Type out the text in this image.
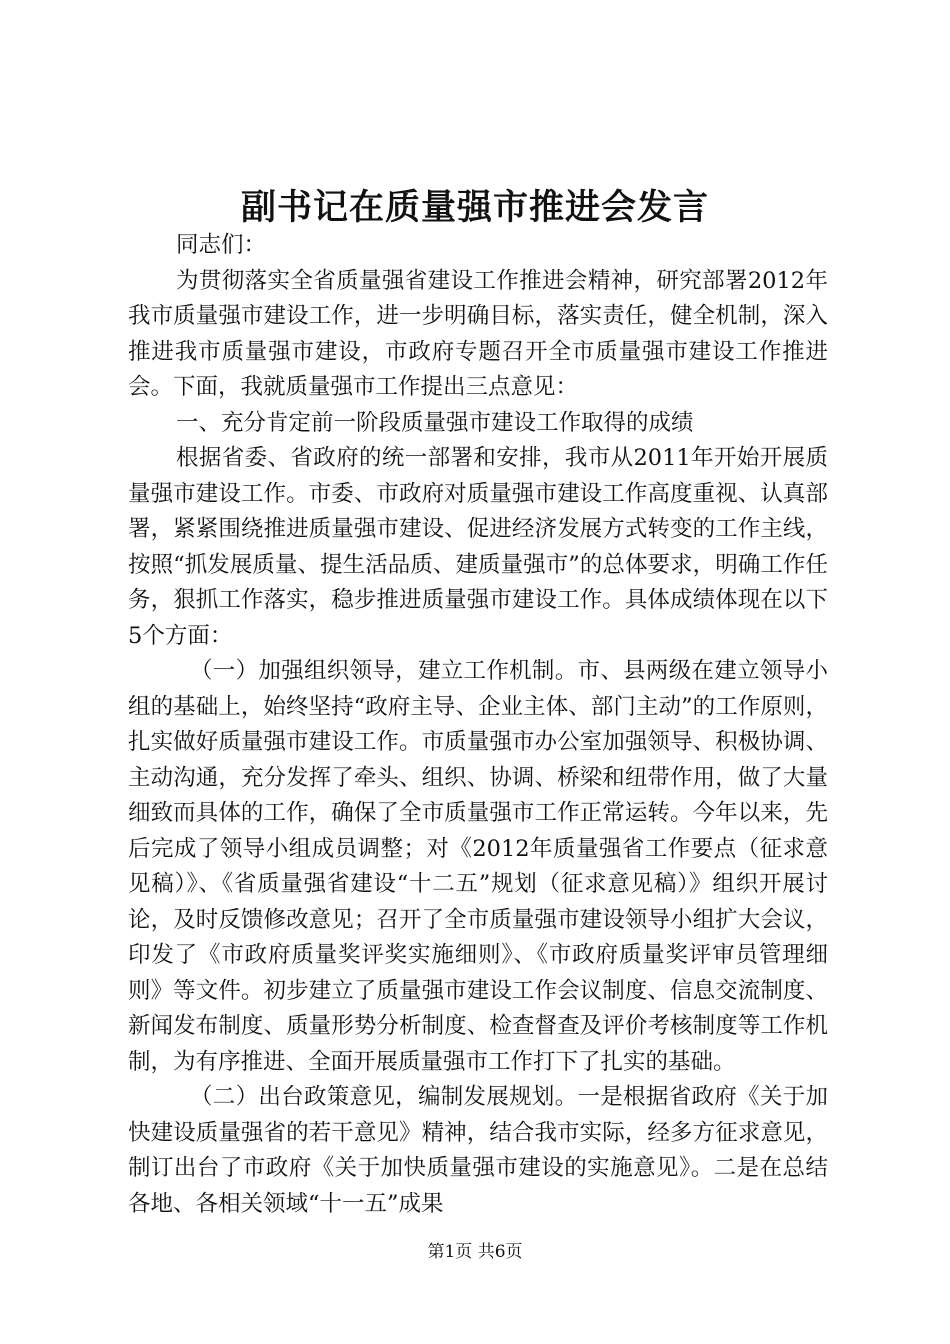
副书记在质量强市推进会发言

同志们：

为贯彻落实全省质量强省建设工作推进会精神，研究部署2012年我市质量强市建设工作，进一步明确目标，落实责任，健全机制，深入推进我市质量强市建设，市政府专题召开全市质量强市建设工作推进会。下面，我就质量强市工作提出三点意见：

一、充分肯定前一阶段质量强市建设工作取得的成绩

根据省委、省政府的统一部署和安排，我市从2011年开始开展质量强市建设工作。市委、市政府对质量强市建设工作高度重视、认真部署，紧紧围绕推进质量强市建设、促进经济发展方式转变的工作主线，按照“抓发展质量、提生活品质、建质量强市”的总体要求，明确工作任务，狠抓工作落实，稳步推进质量强市建设工作。具体成绩体现在以下5个方面：

（一）加强组织领导，建立工作机制。市、县两级在建立领导小组的基础上，始终坚持“政府主导、企业主体、部门主动”的工作原则，扎实做好质量强市建设工作。市质量强市办公室加强领导、积极协调、主动沟通，充分发挥了牵头、组织、协调、桥梁和纽带作用，做了大量细致而具体的工作，确保了全市质量强市工作正常运转。今年以来，先后完成了领导小组成员调整；对《2012年质量强省工作要点（征求意见稿）》、《省质量强省建设“十二五”规划（征求意见稿）》组织开展讨论，及时反馈修改意见；召开了全市质量强市建设领导小组扩大会议，印发了《市政府质量奖评奖实施细则》、《市政府质量奖评审员管理细则》等文件。初步建立了质量强市建设工作会议制度、信息交流制度、新闻发布制度、质量形势分析制度、检查督查及评价考核制度等工作机制，为有序推进、全面开展质量强市工作打下了扎实的基础。

（二）出台政策意见，编制发展规划。一是根据省政府《关于加快建设质量强省的若干意见》精神，结合我市实际，经多方征求意见，制订出台了市政府《关于加快质量强市建设的实施意见》。二是在总结各地、各相关领域“十一五”成果

第1页 共6页
